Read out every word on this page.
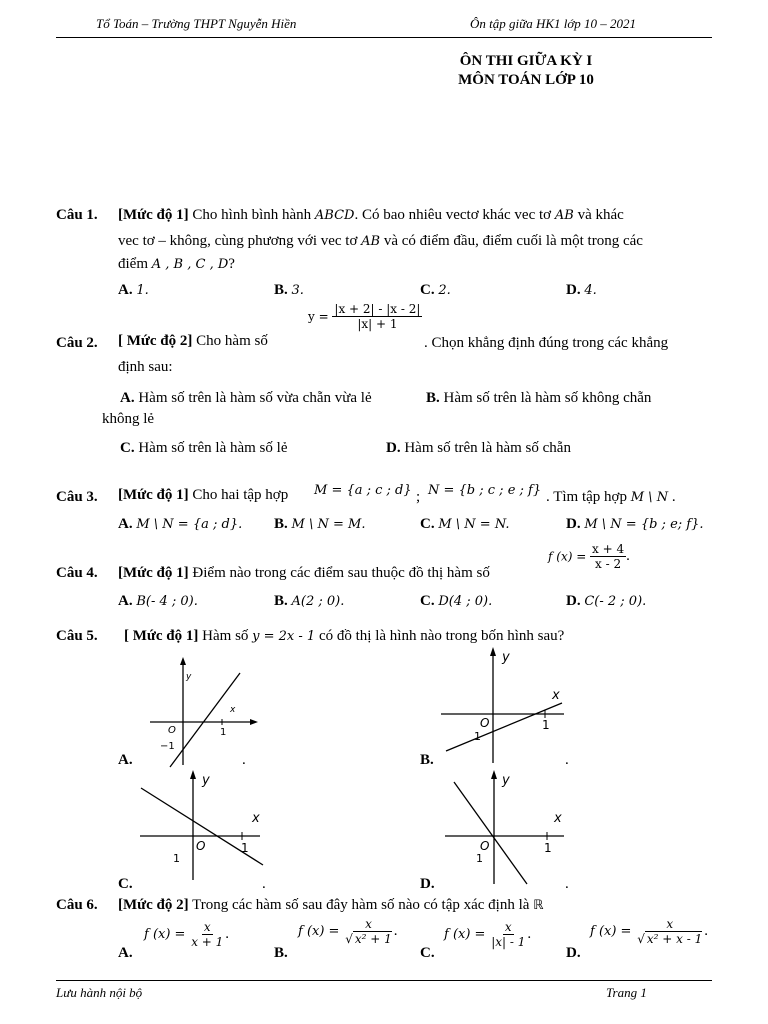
Tổ Toán – Trường THPT Nguyễn Hiền	Ôn tập giữa HK1 lớp 10 – 2021
ÔN THI GIỮA KỲ I
MÔN TOÁN LỚP 10
Câu 1. [Mức độ 1] Cho hình bình hành ABCD. Có bao nhiêu vectơ khác vec tơ AB và khác
vec tơ – không, cùng phương với vec tơ AB và có điểm đầu, điểm cuối là một trong các
điểm A , B , C , D?
A. 1.	B. 3.	C. 2.	D. 4.
Câu 2. [ Mức độ 2] Cho hàm số
$y = \frac{|x + 2| - |x - 2|}{|x| + 1}$
. Chọn khẳng định đúng trong các khẳng
định sau:
A. Hàm số trên là hàm số vừa chẵn vừa lẻ	B. Hàm số trên là hàm số không chẵn
không lẻ
C. Hàm số trên là hàm số lẻ	D. Hàm số trên là hàm số chẵn
Câu 3. [Mức độ 1] Cho hai tập hợp M = {a ; c ; d} ; N = {b ; c ; e ; f} . Tìm tập hợp M \ N .
A. M \ N = {a ; d}. B. M \ N = M.	C. M \ N = N.	D. M \ N = {b ; e; f}.
Câu 4. [Mức độ 1] Điểm nào trong các điểm sau thuộc đồ thị hàm số
f $(x) = \frac{x + 4}{x - 2}$ .
A. B(- 4 ; 0).	B. A(2 ; 0).	C. D(4 ; 0).	D. C(- 2 ; 0).
Câu 5. [ Mức độ 1] Hàm số y = 2x - 1 có đồ thị là hình nào trong bốn hình sau?
y
x
O	1
−1
A.	.
y
x
O	1
1
B.	.
y
x
O	1
1
C.	.
y
x
O	1
1
D.	.
Câu 6. [Mức độ 2] Trong các hàm số sau đây hàm số nào có tập xác định là ℝ
A.
f $(x) = \frac{x}{x + 1}$ .
B.
f $(x) = \frac{x}{\text{√ x² + 1}}$ .
C.
f $(x) = \frac{x}{|x| - 1}$ .
D.
f $(x) = \frac{x}{\text{√ x² + x - 1}}$ .
Lưu hành nội bộ	Trang 1
